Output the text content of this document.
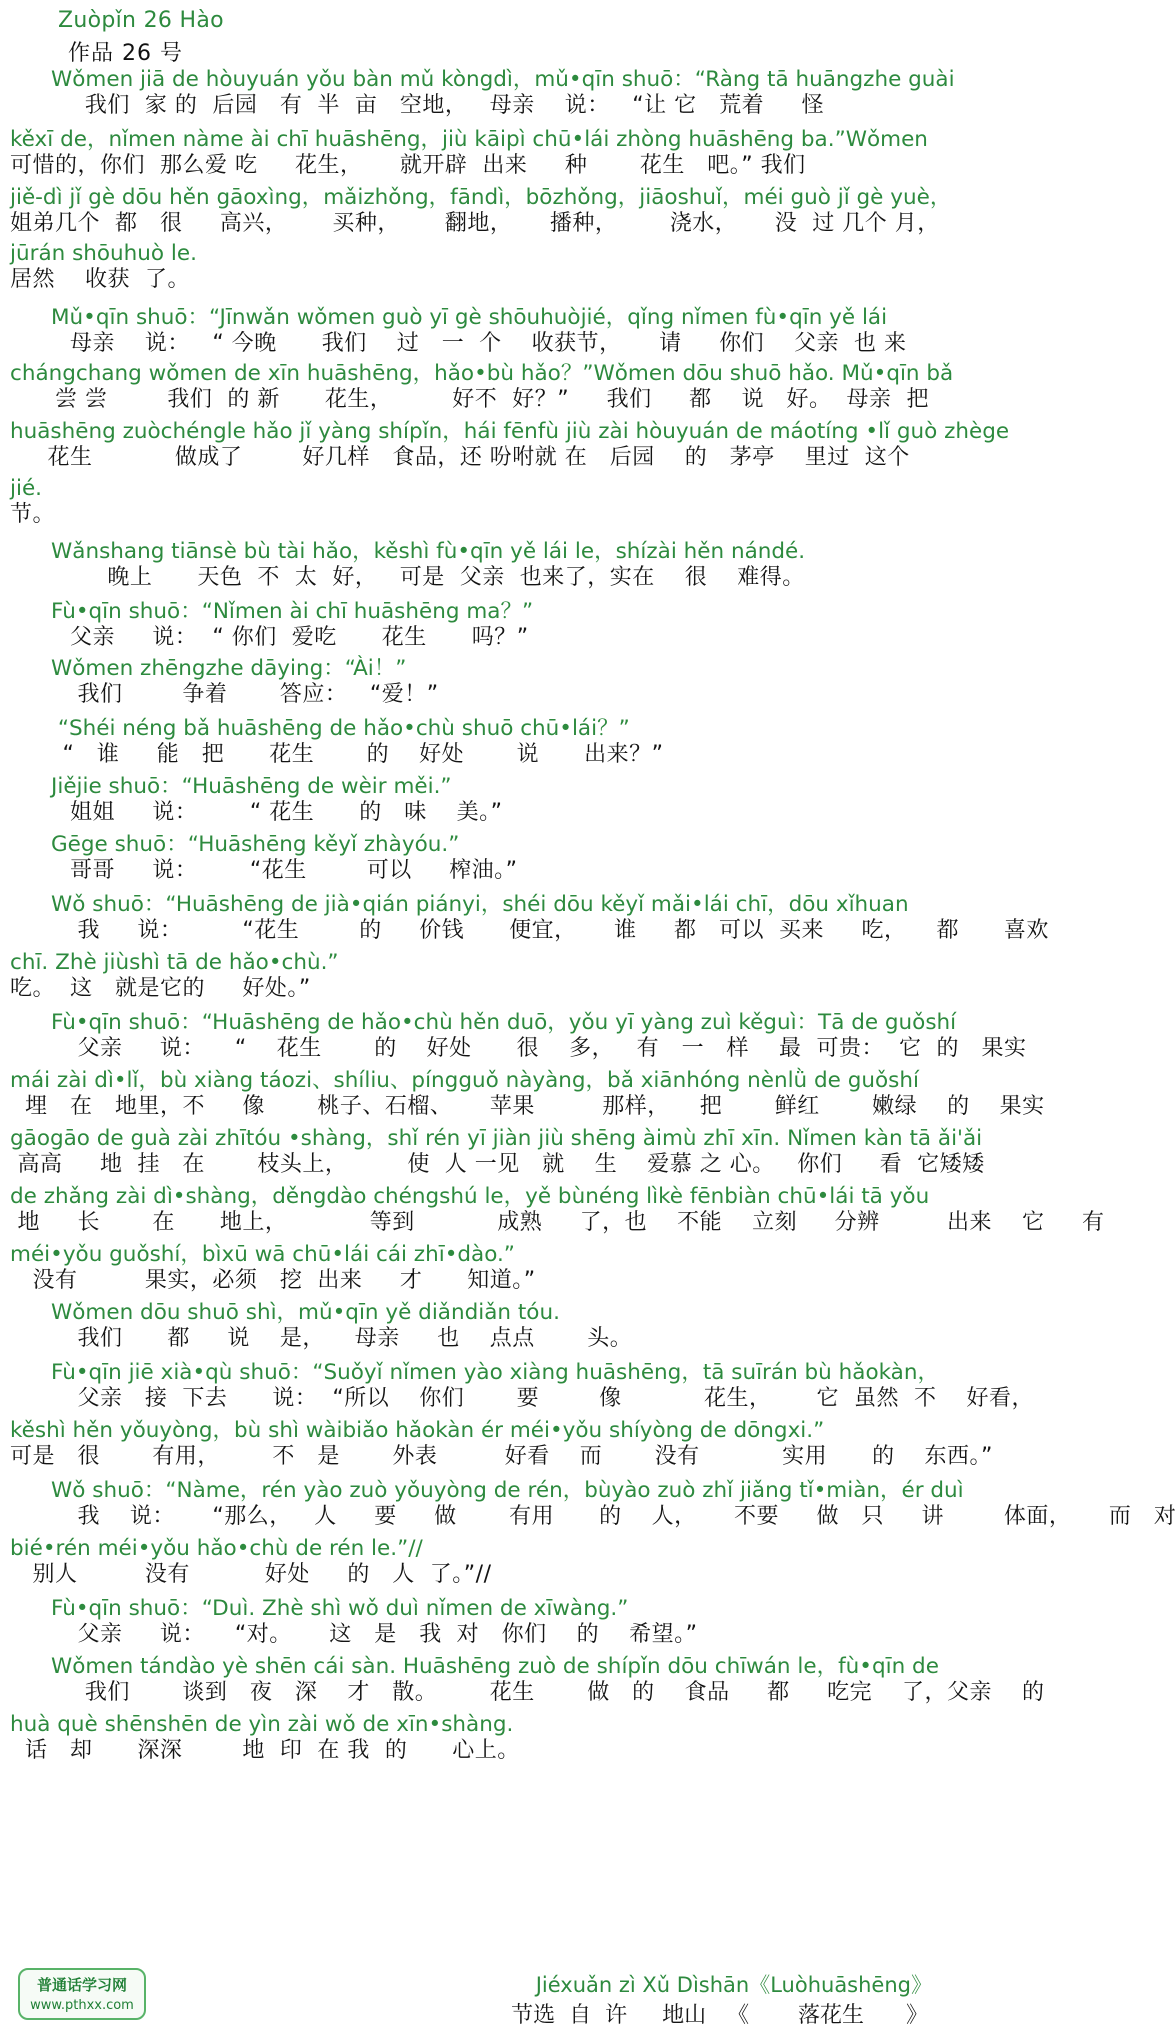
Zuòpǐn 26 Hào
作品 26 号
Wǒmen jiā de hòuyuán yǒu bàn mǔ kòngdì，mǔ•qīn shuō：“Ràng tā huāngzhe guài
我们  家 的  后园   有  半  亩   空地，   母亲    说：   “让 它   荒着     怪
kěxī de，nǐmen nàme ài chī huāshēng，jiù kāipì chū•lái zhòng huāshēng ba.”Wǒmen
可惜的，你们  那么爱 吃     花生，     就开辟  出来     种       花生   吧。” 我们
jiě-dì jǐ gè dōu hěn gāoxìng，mǎizhǒng，fāndì，bōzhǒng，jiāoshuǐ，méi guò jǐ gè yuè，
姐弟几个  都   很     高兴，      买种，      翻地，     播种，       浇水，     没  过 几个 月，
jūrán shōuhuò le.
居然    收获  了。
Mǔ•qīn shuō：“Jīnwǎn wǒmen guò yī gè shōuhuòjié，qǐng nǐmen fù•qīn yě lái
母亲    说：   “ 今晚      我们    过   一  个    收获节，     请     你们    父亲  也 来
chángchang wǒmen de xīn huāshēng，hǎo•bù hǎo？”Wǒmen dōu shuō hǎo. Mǔ•qīn bǎ
尝 尝        我们  的 新      花生，        好不  好？”     我们     都    说   好。  母亲  把
huāshēng zuòchéngle hǎo jǐ yàng shípǐn，hái fēnfù jiù zài hòuyuán de máotíng •lǐ guò zhège
花生           做成了        好几样   食品，还 吩咐就 在   后园    的   茅亭    里过  这个
jié.
节。
Wǎnshang tiānsè bù tài hǎo，kěshì fù•qīn yě lái le，shízài hěn nándé.
晚上      天色  不  太  好，   可是  父亲  也来了，实在    很    难得。
Fù•qīn shuō：“Nǐmen ài chī huāshēng ma？”
父亲     说：  “ 你们  爱吃      花生      吗？”
Wǒmen zhēngzhe dāying：“Ài！”
我们        争着       答应：   “爱！”
“Shéi néng bǎ huāshēng de hǎo•chù shuō chū•lái？”
“   谁     能   把      花生       的    好处       说      出来？”
Jiějie shuō：“Huāshēng de wèir měi.”
姐姐     说：       “ 花生      的   味    美。”
Gēge shuō：“Huāshēng kěyǐ zhàyóu.”
哥哥     说：       “花生        可以     榨油。”
Wǒ shuō：“Huāshēng de jià•qián piányi，shéi dōu kěyǐ mǎi•lái chī，dōu xǐhuan
我     说：        “花生        的     价钱      便宜，     谁     都   可以  买来     吃，    都      喜欢
chī. Zhè jiùshì tā de hǎo•chù.”
吃。  这   就是它的     好处。”
Fù•qīn shuō：“Huāshēng de hǎo•chù hěn duō，yǒu yī yàng zuì kěguì：Tā de guǒshí
父亲     说：    “    花生       的    好处      很    多，   有   一   样    最  可贵：  它  的   果实
mái zài dì•lǐ，bù xiàng táozi、shíliu、píngguǒ nàyàng，bǎ xiānhóng nènlǜ de guǒshí
埋   在   地里，不     像       桃子、石榴、     苹果         那样，    把       鲜红       嫩绿    的    果实
gāogāo de guà zài zhītóu •shàng，shǐ rén yī jiàn jiù shēng àimù zhī xīn. Nǐmen kàn tā ǎi'ǎi
高高     地  挂   在       枝头上，        使  人 一见   就    生    爱慕 之 心。   你们     看  它矮矮
de zhǎng zài dì•shàng，děngdào chéngshú le，yě bùnéng lìkè fēnbiàn chū•lái tā yǒu
地     长       在      地上，           等到           成熟     了，也    不能    立刻     分辨         出来    它     有
méi•yǒu guǒshí，bìxū wā chū•lái cái zhī•dào.”
没有         果实，必须   挖  出来     才      知道。”
Wǒmen dōu shuō shì，mǔ•qīn yě diǎndiǎn tóu.
我们      都     说    是，    母亲     也    点点       头。
Fù•qīn jiē xià•qù shuō：“Suǒyǐ nǐmen yào xiàng huāshēng，tā suīrán bù hǎokàn，
父亲   接  下去      说：  “所以    你们       要        像           花生，      它  虽然  不    好看，
kěshì hěn yǒuyòng，bù shì wàibiǎo hǎokàn ér méi•yǒu shíyòng de dōngxi.”
可是   很       有用，       不   是       外表         好看    而       没有           实用      的    东西。”
Wǒ shuō：“Nàme，rén yào zuò yǒuyòng de rén，bùyào zuò zhǐ jiǎng tǐ•miàn，ér duì
我    说：     “那么，   人     要     做       有用      的    人，     不要     做   只     讲        体面，     而   对
bié•rén méi•yǒu hǎo•chù de rén le.”//
别人         没有          好处     的   人  了。”//
Fù•qīn shuō：“Duì. Zhè shì wǒ duì nǐmen de xīwàng.”
父亲     说：    “对。     这   是   我  对   你们    的    希望。”
Wǒmen tándào yè shēn cái sàn. Huāshēng zuò de shípǐn dōu chīwán le，fù•qīn de
我们       谈到   夜   深    才   散。       花生       做   的    食品     都     吃完    了，父亲    的
huà què shēnshēn de yìn zài wǒ de xīn•shàng.
话   却      深深        地  印  在 我  的      心上。
普通话学习网
www.pthxx.com
Jiéxuǎn zì Xǔ Dìshān《Luòhuāshēng》
节选  自  许     地山   《       落花生      》
